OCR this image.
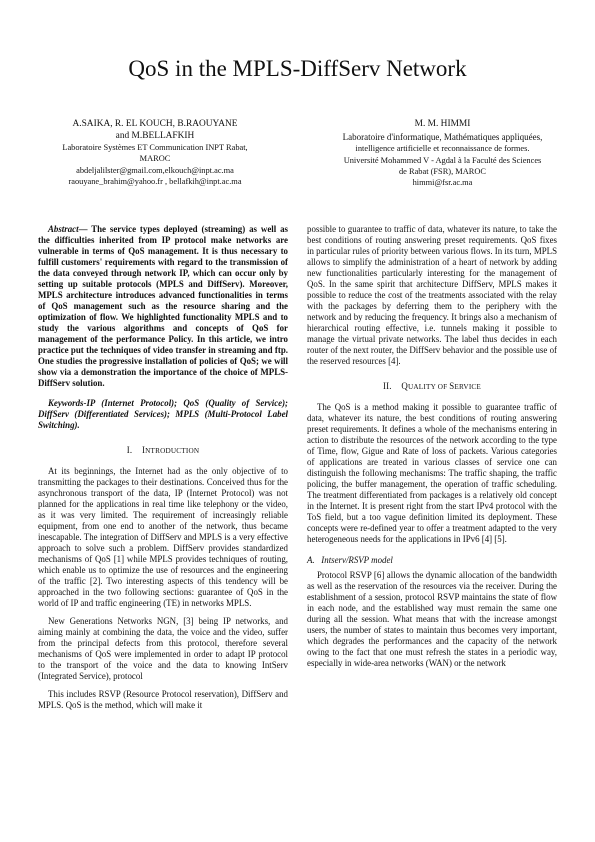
QoS in the MPLS-DiffServ Network
A.SAIKA, R. EL KOUCH, B.RAOUYANE
and M.BELLAFKIH
Laboratoire Systèmes ET Communication INPT Rabat,
MAROC
abdeljalilster@gmail.com,elkouch@inpt.ac.ma
raouyane_brahim@yahoo.fr , bellafkih@inpt.ac.ma
M. M. HIMMI
Laboratoire d'informatique, Mathématiques appliquées,
intelligence artificielle et reconnaissance de formes.
Université Mohammed V - Agdal à la Faculté des Sciences
de Rabat (FSR), MAROC
himmi@fsr.ac.ma

Abstract— The service types deployed (streaming) as well as the difficulties inherited from IP protocol make networks are vulnerable in terms of QoS management. It is thus necessary to fulfill customers' requirements with regard to the transmission of the data conveyed through network IP, which can occur only by setting up suitable protocols (MPLS and DiffServ). Moreover, MPLS architecture introduces advanced functionalities in terms of QoS management such as the resource sharing and the optimization of flow. We highlighted functionality MPLS and to study the various algorithms and concepts of QoS for management of the performance Policy. In this article, we intro practice put the techniques of video transfer in streaming and ftp. One studies the progressive installation of policies of QoS; we will show via a demonstration the importance of the choice of MPLS-DiffServ solution.

Keywords-IP (Internet Protocol); QoS (Quality of Service); DiffServ (Differentiated Services); MPLS (Multi-Protocol Label Switching).

I. INTRODUCTION

At its beginnings, the Internet had as the only objective of to transmitting the packages to their destinations. Conceived thus for the asynchronous transport of the data, IP (Internet Protocol) was not planned for the applications in real time like telephony or the video, as it was very limited. The requirement of increasingly reliable equipment, from one end to another of the network, thus became inescapable. The integration of DiffServ and MPLS is a very effective approach to solve such a problem. DiffServ provides standardized mechanisms of QoS [1] while MPLS provides techniques of routing, which enable us to optimize the use of resources and the engineering of the traffic [2]. Two interesting aspects of this tendency will be approached in the two following sections: guarantee of QoS in the world of IP and traffic engineering (TE) in networks MPLS.

New Generations Networks NGN, [3] being IP networks, and aiming mainly at combining the data, the voice and the video, suffer from the principal defects from this protocol, therefore several mechanisms of QoS were implemented in order to adapt IP protocol to the transport of the voice and the data to knowing IntServ (Integrated Service), protocol

This includes RSVP (Resource Protocol reservation), DiffServ and MPLS. QoS is the method, which will make it

possible to guarantee to traffic of data, whatever its nature, to take the best conditions of routing answering preset requirements. QoS fixes in particular rules of priority between various flows. In its turn, MPLS allows to simplify the administration of a heart of network by adding new functionalities particularly interesting for the management of QoS. In the same spirit that architecture DiffServ, MPLS makes it possible to reduce the cost of the treatments associated with the relay with the packages by deferring them to the periphery with the network and by reducing the frequency. It brings also a mechanism of hierarchical routing effective, i.e. tunnels making it possible to manage the virtual private networks. The label thus decides in each router of the next router, the DiffServ behavior and the possible use of the reserved resources [4].

II. QUALITY OF SERVICE

The QoS is a method making it possible to guarantee traffic of data, whatever its nature, the best conditions of routing answering preset requirements. It defines a whole of the mechanisms entering in action to distribute the resources of the network according to the type of Time, flow, Gigue and Rate of loss of packets. Various categories of applications are treated in various classes of service one can distinguish the following mechanisms: The traffic shaping, the traffic policing, the buffer management, the operation of traffic scheduling. The treatment differentiated from packages is a relatively old concept in the Internet. It is present right from the start IPv4 protocol with the ToS field, but a too vague definition limited its deployment. These concepts were re-defined year to offer a treatment adapted to the very heterogeneous needs for the applications in IPv6 [4] [5].

A. Intserv/RSVP model

Protocol RSVP [6] allows the dynamic allocation of the bandwidth as well as the reservation of the resources via the receiver. During the establishment of a session, protocol RSVP maintains the state of flow in each node, and the established way must remain the same one during all the session. What means that with the increase amongst users, the number of states to maintain thus becomes very important, which degrades the performances and the capacity of the network owing to the fact that one must refresh the states in a periodic way, especially in wide-area networks (WAN) or the network
